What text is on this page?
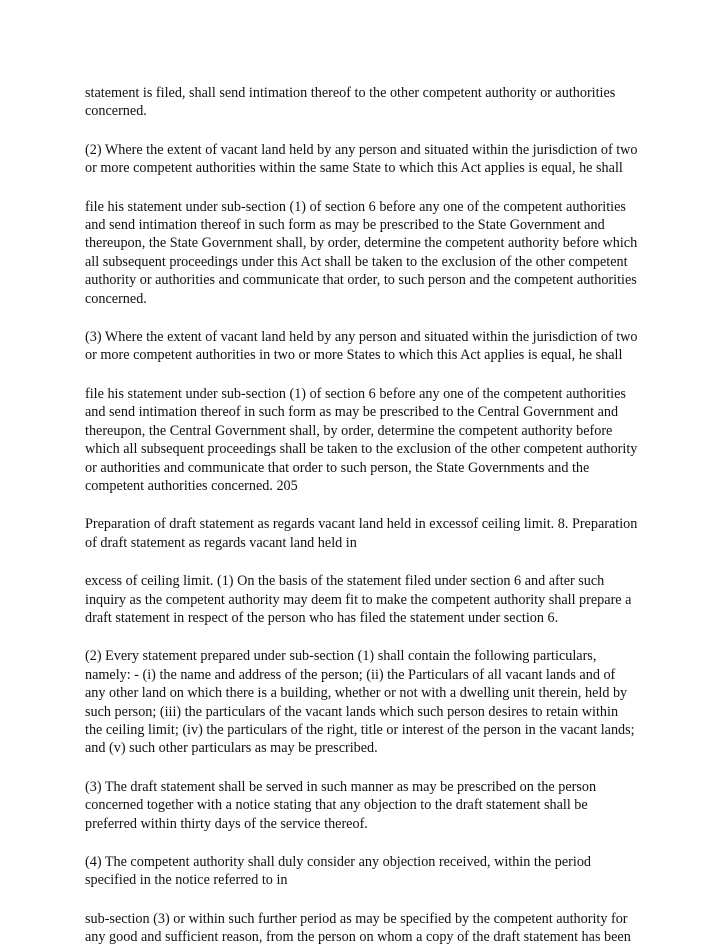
statement is filed, shall send intimation thereof to the other competent authority or authorities
concerned.

(2) Where the extent of vacant land held by any person and situated within the jurisdiction of two
or more competent authorities within the same State to which this Act applies is equal, he shall

file his statement under sub-section (1) of section 6 before any one of the competent authorities
and send intimation thereof in such form as may be prescribed to the State Government and
thereupon, the State Government shall, by order, determine the competent authority before which
all subsequent proceedings under this Act shall be taken to the exclusion of the other competent
authority or authorities and communicate that order, to such person and the competent authorities
concerned.

(3) Where the extent of vacant land held by any person and situated within the jurisdiction of two
or more competent authorities in two or more States to which this Act applies is equal, he shall

file his statement under sub-section (1) of section 6 before any one of the competent authorities
and send intimation thereof in such form as may be prescribed to the Central Government and
thereupon, the Central Government shall, by order, determine the competent authority before
which all subsequent proceedings shall be taken to the exclusion of the other competent authority
or authorities and communicate that order to such person, the State Governments and the
competent authorities concerned. 205

Preparation of draft statement as regards vacant land held in excessof ceiling limit. 8. Preparation
of draft statement as regards vacant land held in

excess of ceiling limit. (1) On the basis of the statement filed under section 6 and after such
inquiry as the competent authority may deem fit to make the competent authority shall prepare a
draft statement in respect of the person who has filed the statement under section 6.

(2) Every statement prepared under sub-section (1) shall contain the following particulars,
namely: - (i) the name and address of the person; (ii) the Particulars of all vacant lands and of
any other land on which there is a building, whether or not with a dwelling unit therein, held by
such person; (iii) the particulars of the vacant lands which such person desires to retain within
the ceiling limit; (iv) the particulars of the right, title or interest of the person in the vacant lands;
and (v) such other particulars as may be prescribed.

(3) The draft statement shall be served in such manner as may be prescribed on the person
concerned together with a notice stating that any objection to the draft statement shall be
preferred within thirty days of the service thereof.

(4) The competent authority shall duly consider any objection received, within the period
specified in the notice referred to in

sub-section (3) or within such further period as may be specified by the competent authority for
any good and sufficient reason, from the person on whom a copy of the draft statement has been
